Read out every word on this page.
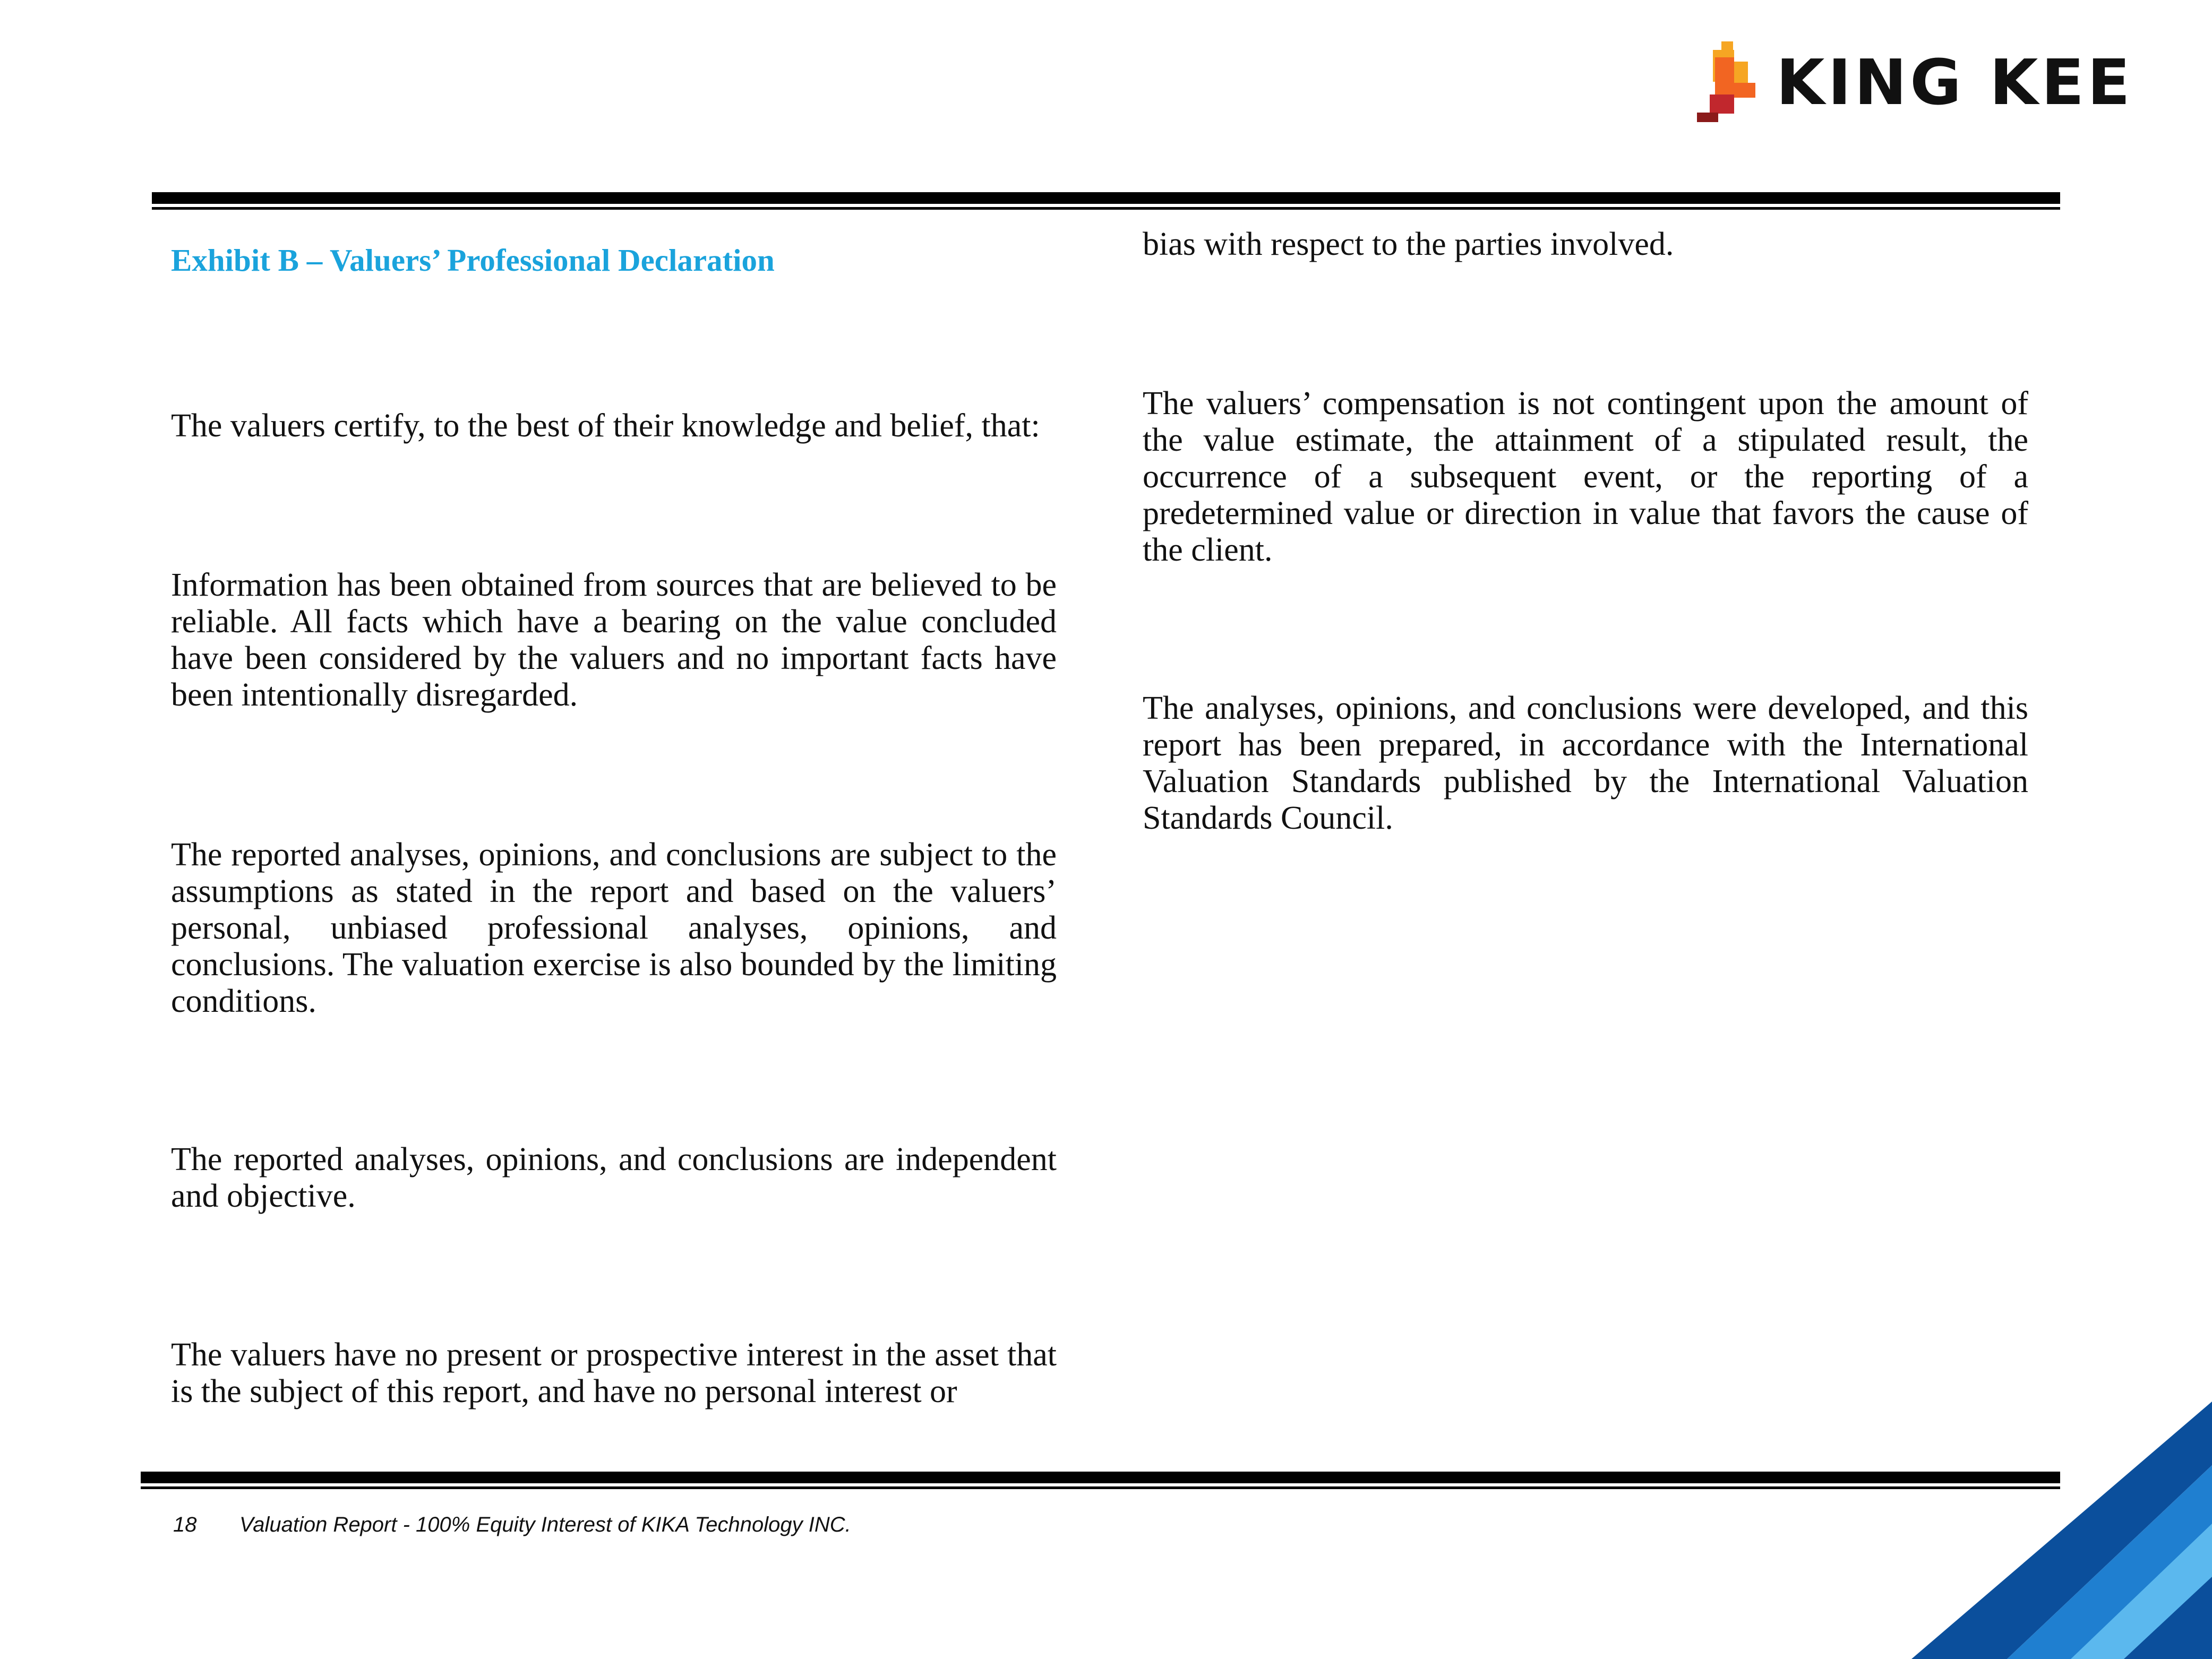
KING KEE
Exhibit B – Valuers’ Professional Declaration
The valuers certify, to the best of their knowledge and belief, that:
Information has been obtained from sources that are believed to be reliable. All facts which have a bearing on the value concluded have been considered by the valuers and no important facts have been intentionally disregarded.
The reported analyses, opinions, and conclusions are subject to the assumptions as stated in the report and based on the valuers’ personal, unbiased professional analyses, opinions, and conclusions. The valuation exercise is also bounded by the limiting conditions.
The reported analyses, opinions, and conclusions are independent and objective.
The valuers have no present or prospective interest in the asset that is the subject of this report, and have no personal interest or
bias with respect to the parties involved.
The valuers’ compensation is not contingent upon the amount of the value estimate, the attainment of a stipulated result, the occurrence of a subsequent event, or the reporting of a predetermined value or direction in value that favors the cause of the client.
The analyses, opinions, and conclusions were developed, and this report has been prepared, in accordance with the International Valuation Standards published by the International Valuation Standards Council.
18 Valuation Report - 100% Equity Interest of KIKA Technology INC.
